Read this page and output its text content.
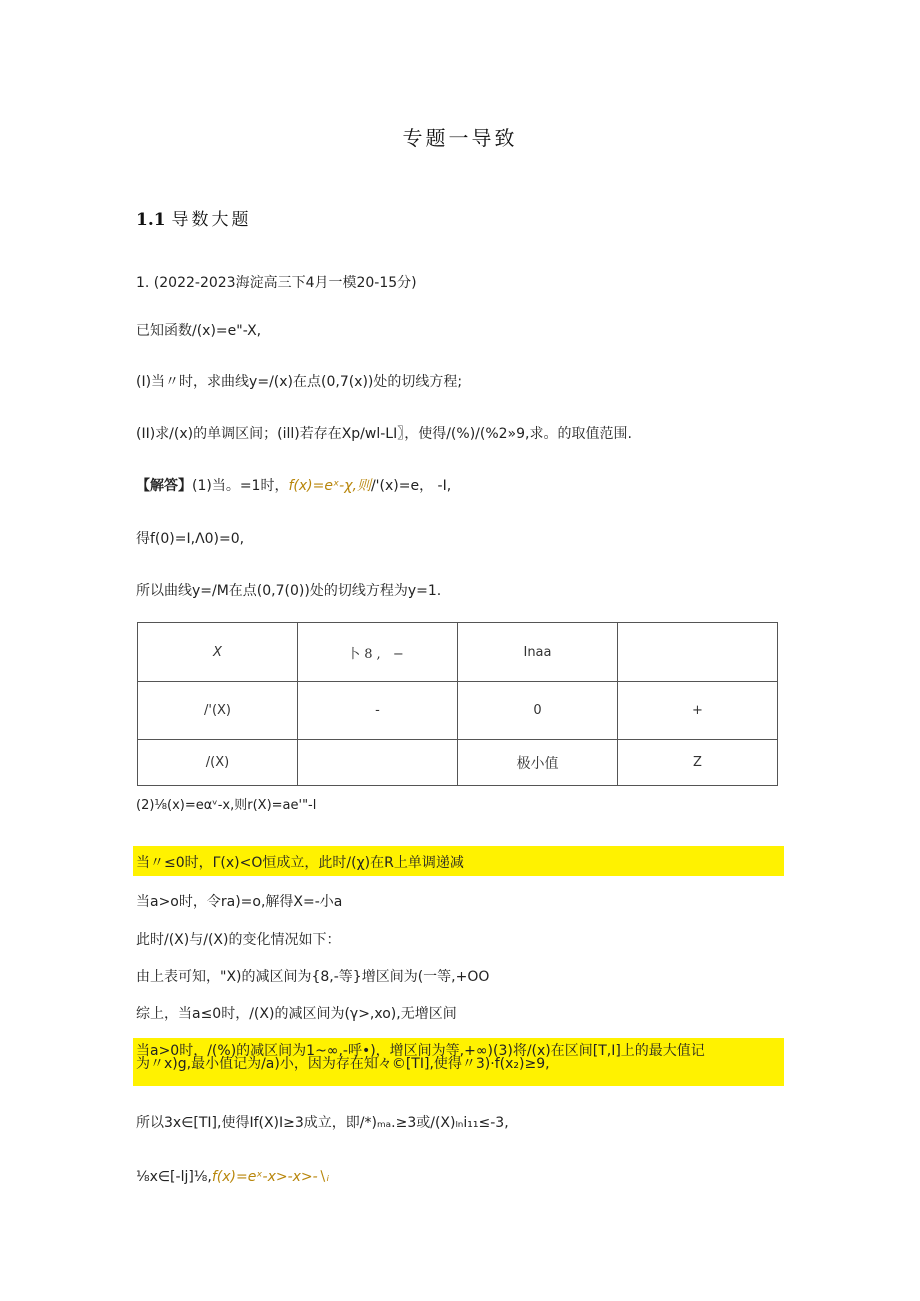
专题一导致
1.1 导数大题
1. (2022-2023海淀高三下4月一模20-15分)
已知函数/(x)=e"-X,
(I)当〃时，求曲线y=/(x)在点(0,7(x))处的切线方程;
(II)求/(x)的单调区间；(ill)若存在Xp/wl-LI〗，使得/(%)/(%2»9,求。的取值范围.
【解答】(1)当。=1时，f(x)=eˣ-χ,则/'(x)=e， -I,
得f(0)=I,Λ0)=0,
所以曲线y=/M在点(0,7(0))处的切线方程为y=1.
X	卜8, −	Inaa	
/'(X)	-	0	+
/(X)		极小值	Z
(2)⅛(x)=eαᵛ-x,则r(X)=ae'"-l
当〃≤0时，Γ(x)<O恒成立，此时/(χ)在R上单调递减
当a>o时，令ra)=o,解得X=-小a
此时/(X)与/(X)的变化情况如下：
由上表可知，"X)的减区间为{8,-等}增区间为(一等,+OO
综上，当a≤0时，/(X)的减区间为(γ>,xo),无增区间
当a>0时，/(%)的减区间为1~∞,-呼•)，增区间为等,+∞)(3)将/(x)在区间[T,I]上的最大值记
为〃x)g,最小值记为/a)小，因为存在知々©[TI],使得〃3)·f(x₂)≥9,
所以3x∈[TI],使得If(X)I≥3成立，即/*)ₘₐ.≥3或/(X)ₗₙi₁₁≤-3,
⅛x∈[-lj]⅛,f(x)=eˣ-x>-x>-∖ᵢ
